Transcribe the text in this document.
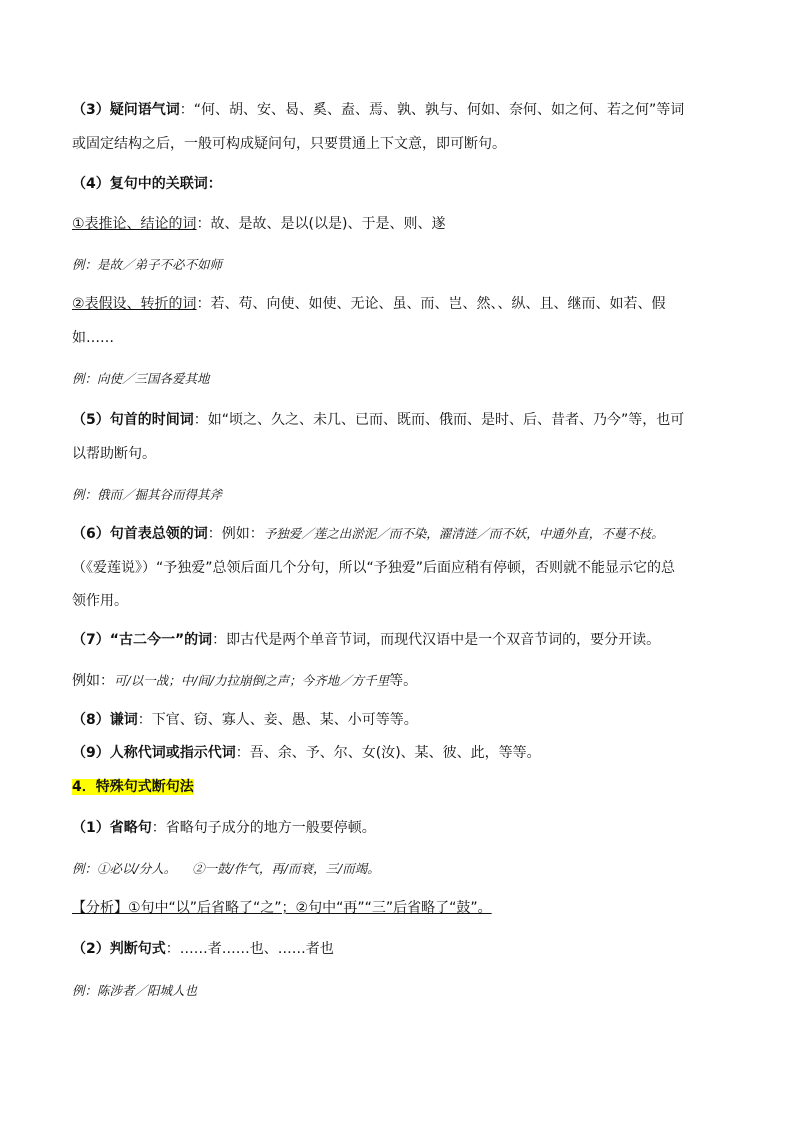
（3）疑问语气词：“何、胡、安、曷、奚、盍、焉、孰、孰与、何如、奈何、如之何、若之何”等词
或固定结构之后，一般可构成疑问句，只要贯通上下文意，即可断句。
（4）复句中的关联词：
①表推论、结论的词：故、是故、是以(以是)、于是、则、遂
例：是故／弟子不必不如师
②表假设、转折的词：若、苟、向使、如使、无论、虽、而、岂、然、、纵、且、继而、如若、假
如……
例：向使／三国各爱其地
（5）句首的时间词：如“顷之、久之、未几、已而、既而、俄而、是时、后、昔者、乃今”等，也可
以帮助断句。
例：俄而／掘其谷而得其斧
（6）句首表总领的词：例如：予独爱／莲之出淤泥／而不染，濯清涟／而不妖，中通外直，不蔓不枝。
（《爱莲说》）“予独爱”总领后面几个分句，所以“予独爱”后面应稍有停顿，否则就不能显示它的总
领作用。
（7）“古二今一”的词：即古代是两个单音节词，而现代汉语中是一个双音节词的，要分开读。
例如：可/以一战；中/间/力拉崩倒之声；今齐地／方千里等。
（8）谦词：下官、窃、寡人、妾、愚、某、小可等等。
（9）人称代词或指示代词：吾、余、予、尔、女(汝)、某、彼、此，等等。
4．特殊句式断句法
（1）省略句：省略句子成分的地方一般要停顿。
例：①必以/分人。    ②一鼓/作气，再/而衰，三/而竭。
【分析】①句中“以”后省略了“之”；②句中“再”“三”后省略了“鼓”。
（2）判断句式：……者……也、……者也
例：陈涉者／阳城人也
